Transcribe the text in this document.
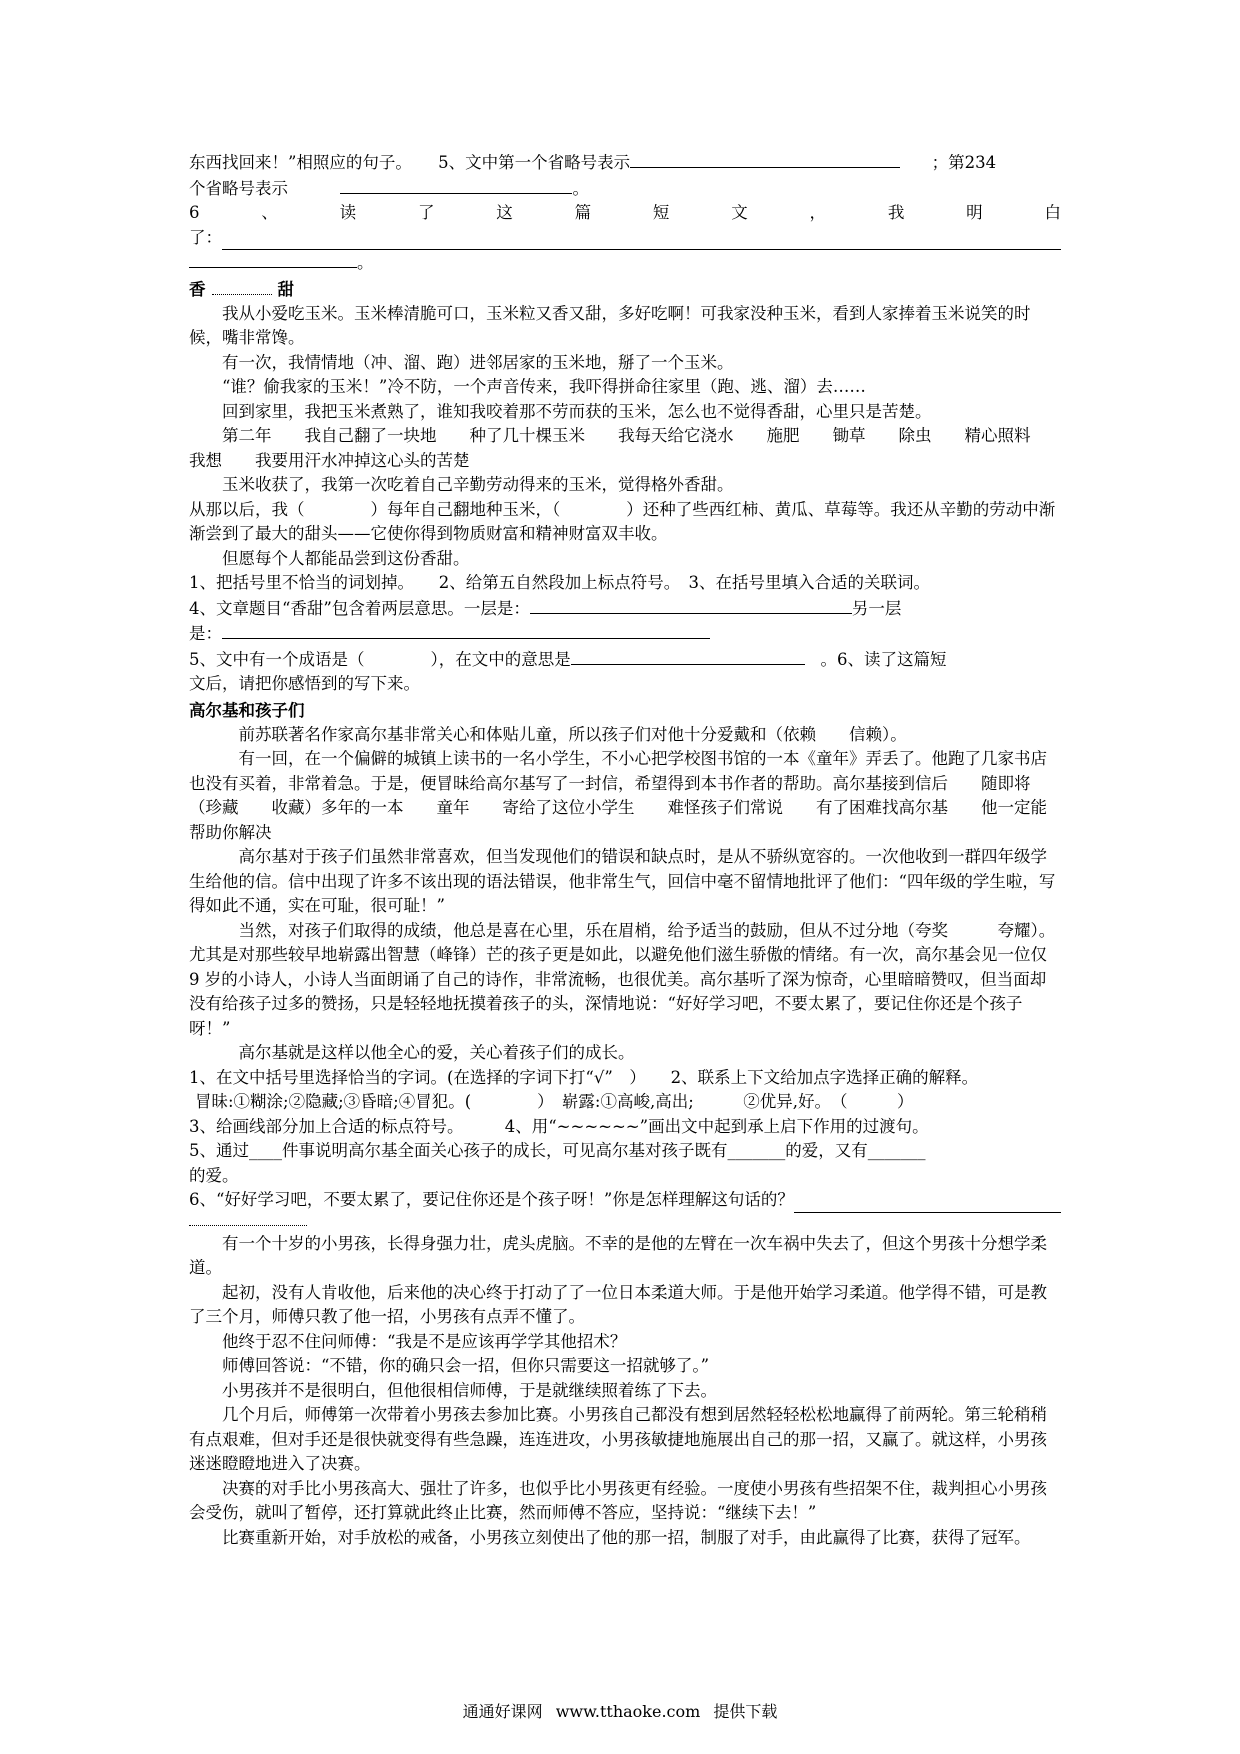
东西找回来！”相照应的句子。 5、文中第一个省略号表示	；第234

个省略号表示	。

6	、	读	了	这	篇	短	文	，	我	明	白

了：

。

香	甜

我从小爱吃玉米。玉米棒清脆可口，玉米粒又香又甜，多好吃啊！可我家没种玉米，看到人家捧着玉米说笑的时候，嘴非常馋。

有一次，我情情地（冲、溜、跑）进邻居家的玉米地，掰了一个玉米。

“谁？偷我家的玉米！”冷不防，一个声音传来，我吓得拼命往家里（跑、逃、溜）去……

回到家里，我把玉米煮熟了，谁知我咬着那不劳而获的玉米，怎么也不觉得香甜，心里只是苦楚。

第二年　　我自己翻了一块地　　种了几十棵玉米　　我每天给它浇水　　施肥　　锄草　　除虫　　精心照料　　我想　　我要用汗水冲掉这心头的苦楚

玉米收获了，我第一次吃着自己辛勤劳动得来的玉米，觉得格外香甜。

从那以后，我（　　　　）每年自己翻地种玉米，（　　　　）还种了些西红柿、黄瓜、草莓等。我还从辛勤的劳动中渐渐尝到了最大的甜头——它使你得到物质财富和精神财富双丰收。

但愿每个人都能品尝到这份香甜。

1、把括号里不恰当的词划掉。　　2、给第五自然段加上标点符号。　3、在括号里填入合适的关联词。

4、文章题目“香甜”包含着两层意思。一层是：	另一层

是：

5、文中有一个成语是（　　　　），在文中的意思是	。6、读了这篇短

文后，请把你感悟到的写下来。

高尔基和孩子们

前苏联著名作家高尔基非常关心和体贴儿童，所以孩子们对他十分爱戴和（依赖　　信赖）。

有一回，在一个偏僻的城镇上读书的一名小学生，不小心把学校图书馆的一本《童年》弄丢了。他跑了几家书店也没有买着，非常着急。于是，便冒昧给高尔基写了一封信，希望得到本书作者的帮助。高尔基接到信后　　随即将（珍藏　　收藏）多年的一本　　童年　　寄给了这位小学生　　难怪孩子们常说　　有了困难找高尔基　　他一定能帮助你解决

高尔基对于孩子们虽然非常喜欢，但当发现他们的错误和缺点时，是从不骄纵宽容的。一次他收到一群四年级学生给他的信。信中出现了许多不该出现的语法错误，他非常生气，回信中毫不留情地批评了他们：“四年级的学生啦，写得如此不通，实在可耻，很可耻！”

当然，对孩子们取得的成绩，他总是喜在心里，乐在眉梢，给予适当的鼓励，但从不过分地（夸奖　　　夸耀）。尤其是对那些较早地崭露出智慧（峰锋）芒的孩子更是如此，以避免他们滋生骄傲的情绪。有一次，高尔基会见一位仅 9 岁的小诗人，小诗人当面朗诵了自己的诗作，非常流畅，也很优美。高尔基听了深为惊奇，心里暗暗赞叹，但当面却没有给孩子过多的赞扬，只是轻轻地抚摸着孩子的头，深情地说：“好好学习吧，不要太累了，要记住你还是个孩子呀！”

高尔基就是这样以他全心的爱，关心着孩子们的成长。

1、在文中括号里选择恰当的字词。(在选择的字词下打“√”　）　　2、联系上下文给加点字选择正确的解释。

冒昧:①糊涂;②隐藏;③昏暗;④冒犯。(　　　　）　崭露:①高峻,高出;　　　②优异,好。　（　　　）

3、给画线部分加上合适的标点符号。　　　4、用“~~~~~~”画出文中起到承上启下作用的过渡句。

5、通过____件事说明高尔基全面关心孩子的成长，可见高尔基对孩子既有_______的爱，又有_______

的爱。

6、“好好学习吧，不要太累了，要记住你还是个孩子呀！”你是怎样理解这句话的？

有一个十岁的小男孩，长得身强力壮，虎头虎脑。不幸的是他的左臂在一次车祸中失去了，但这个男孩十分想学柔道。

起初，没有人肯收他，后来他的决心终于打动了了一位日本柔道大师。于是他开始学习柔道。他学得不错，可是教了三个月，师傅只教了他一招，小男孩有点弄不懂了。

他终于忍不住问师傅：“我是不是应该再学学其他招术？

师傅回答说：“不错，你的确只会一招，但你只需要这一招就够了。”

小男孩并不是很明白，但他很相信师傅，于是就继续照着练了下去。

几个月后，师傅第一次带着小男孩去参加比赛。小男孩自己都没有想到居然轻轻松松地赢得了前两轮。第三轮稍稍有点艰难，但对手还是很快就变得有些急躁，连连进攻，小男孩敏捷地施展出自己的那一招，又赢了。就这样，小男孩迷迷瞪瞪地进入了决赛。

决赛的对手比小男孩高大、强壮了许多，也似乎比小男孩更有经验。一度使小男孩有些招架不住，裁判担心小男孩会受伤，就叫了暂停，还打算就此终止比赛，然而师傅不答应，坚持说：“继续下去！”

比赛重新开始，对手放松的戒备，小男孩立刻使出了他的那一招，制服了对手，由此赢得了比赛，获得了冠军。

通通好课网 www.tthaoke.com 提供下载
